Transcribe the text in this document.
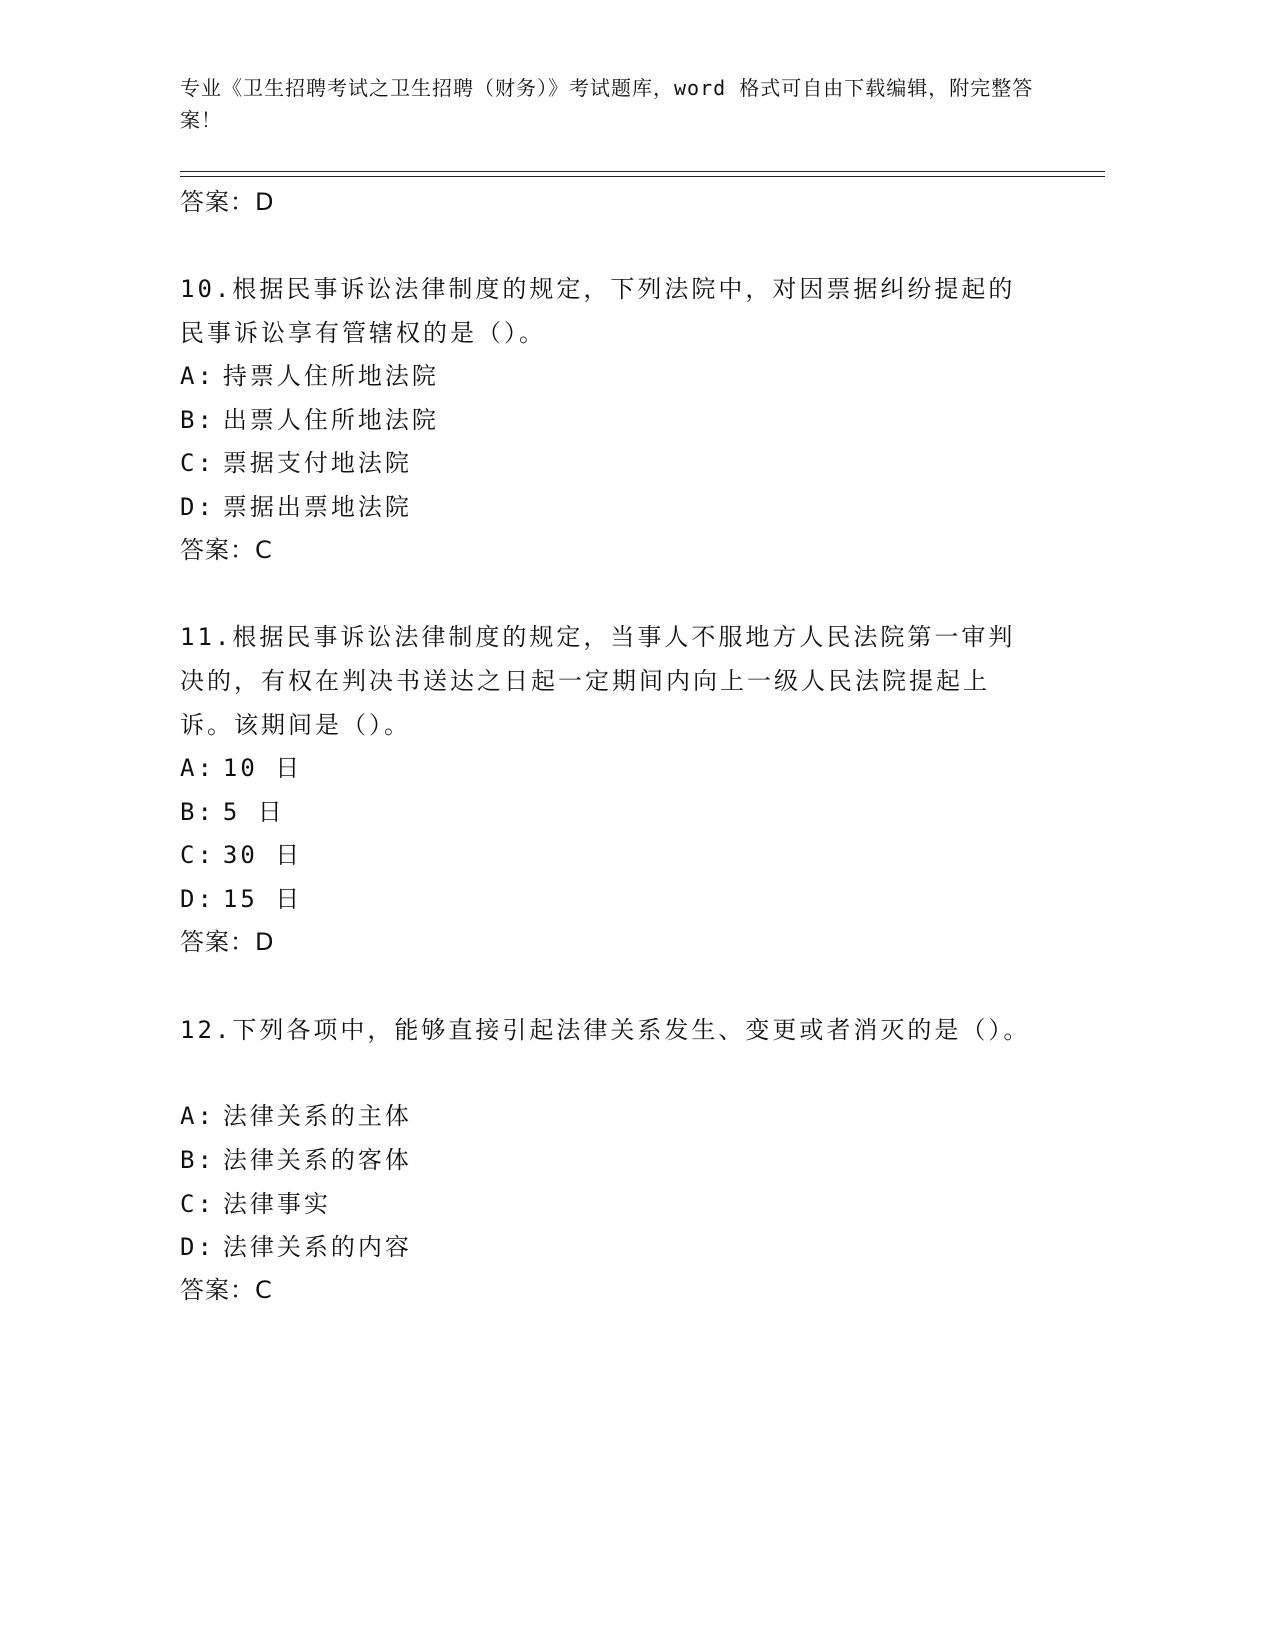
专业《卫生招聘考试之卫生招聘（财务）》考试题库，word 格式可自由下载编辑，附完整答案！
答案：D
10.根据民事诉讼法律制度的规定，下列法院中，对因票据纠纷提起的民事诉讼享有管辖权的是（）。
A: 持票人住所地法院
B: 出票人住所地法院
C: 票据支付地法院
D: 票据出票地法院
答案：C
11.根据民事诉讼法律制度的规定，当事人不服地方人民法院第一审判决的，有权在判决书送达之日起一定期间内向上一级人民法院提起上诉。该期间是（）。
A: 10 日
B: 5 日
C: 30 日
D: 15 日
答案：D
12.下列各项中，能够直接引起法律关系发生、变更或者消灭的是（）。
A: 法律关系的主体
B: 法律关系的客体
C: 法律事实
D: 法律关系的内容
答案：C
